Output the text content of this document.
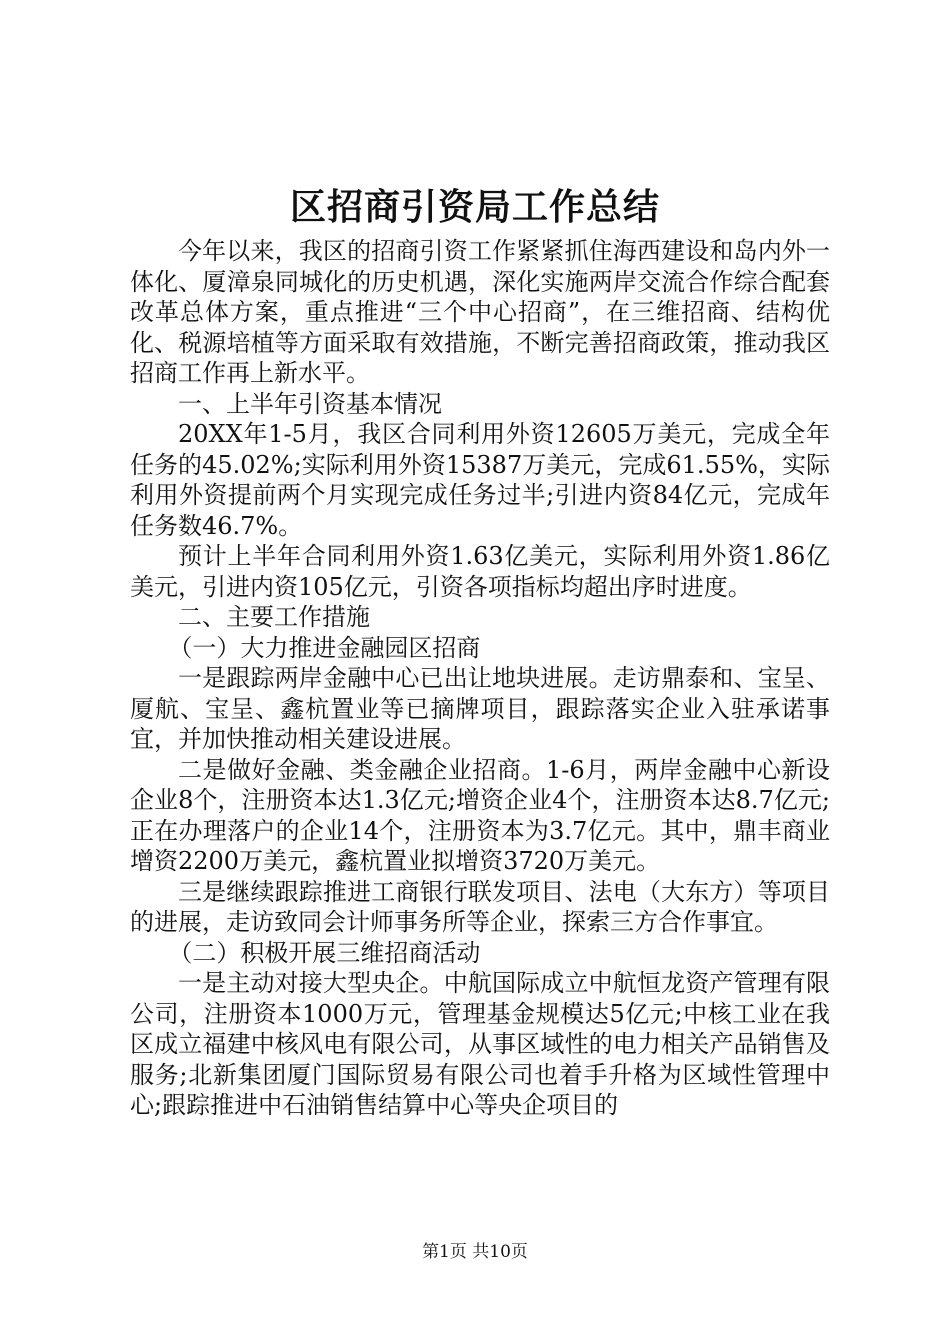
区招商引资局工作总结

今年以来，我区的招商引资工作紧紧抓住海西建设和岛内外一体化、厦漳泉同城化的历史机遇，深化实施两岸交流合作综合配套改革总体方案，重点推进“三个中心招商”，在三维招商、结构优化、税源培植等方面采取有效措施，不断完善招商政策，推动我区招商工作再上新水平。

一、上半年引资基本情况

20XX年1-5月，我区合同利用外资12605万美元，完成全年任务的45.02%;实际利用外资15387万美元，完成61.55%，实际利用外资提前两个月实现完成任务过半;引进内资84亿元，完成年任务数46.7%。

预计上半年合同利用外资1.63亿美元，实际利用外资1.86亿美元，引进内资105亿元，引资各项指标均超出序时进度。

二、主要工作措施

（一）大力推进金融园区招商

一是跟踪两岸金融中心已出让地块进展。走访鼎泰和、宝呈、厦航、宝呈、鑫杭置业等已摘牌项目，跟踪落实企业入驻承诺事宜，并加快推动相关建设进展。

二是做好金融、类金融企业招商。1-6月，两岸金融中心新设企业8个，注册资本达1.3亿元;增资企业4个，注册资本达8.7亿元;正在办理落户的企业14个，注册资本为3.7亿元。其中，鼎丰商业增资2200万美元，鑫杭置业拟增资3720万美元。

三是继续跟踪推进工商银行联发项目、法电（大东方）等项目的进展，走访致同会计师事务所等企业，探索三方合作事宜。

（二）积极开展三维招商活动

一是主动对接大型央企。中航国际成立中航恒龙资产管理有限公司，注册资本1000万元，管理基金规模达5亿元;中核工业在我区成立福建中核风电有限公司，从事区域性的电力相关产品销售及服务;北新集团厦门国际贸易有限公司也着手升格为区域性管理中心;跟踪推进中石油销售结算中心等央企项目的

第1页 共10页
